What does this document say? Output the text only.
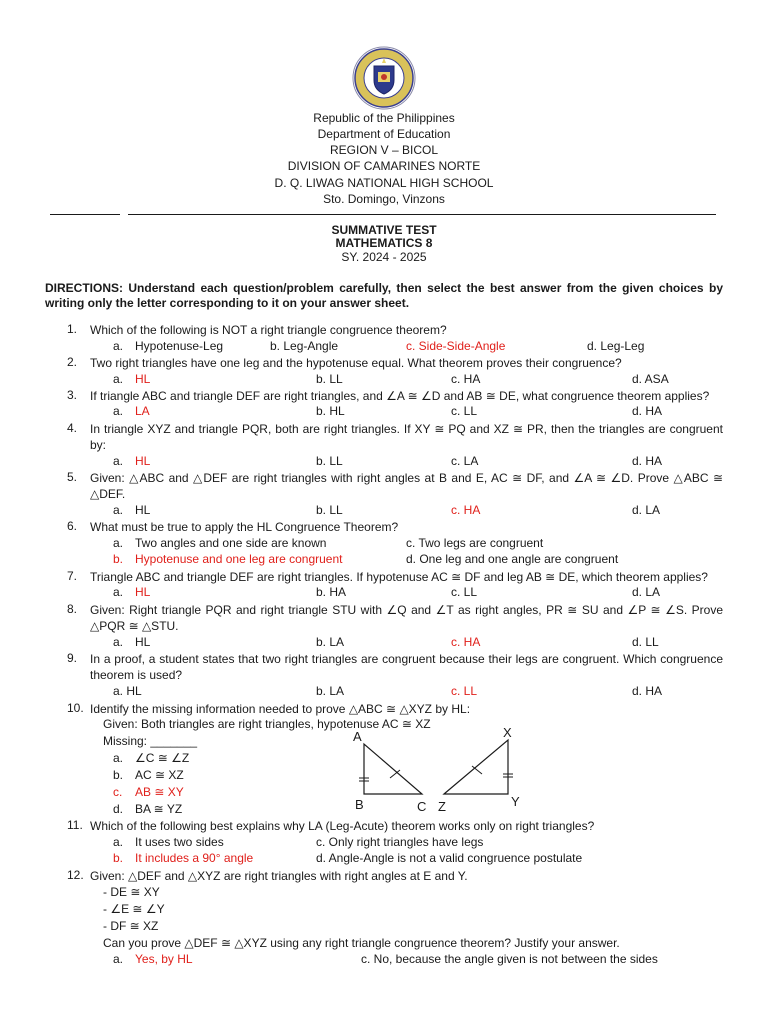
Republic of the Philippines
Department of Education
REGION V – BICOL
DIVISION OF CAMARINES NORTE
D. Q. LIWAG NATIONAL HIGH SCHOOL
Sto. Domingo, Vinzons
SUMMATIVE TEST
MATHEMATICS 8
SY. 2024 - 2025
DIRECTIONS: Understand each question/problem carefully, then select the best answer from the given choices by writing only the letter corresponding to it on your answer sheet.
1.	Which of the following is NOT a right triangle congruence theorem?
a. Hypotenuse-Leg	b. Leg-Angle	c. Side-Side-Angle	d. Leg-Leg
2.	Two right triangles have one leg and the hypotenuse equal. What theorem proves their congruence?
a. HL	b. LL	c. HA	d. ASA
3.	If triangle ABC and triangle DEF are right triangles, and ∠A ≅ ∠D and AB ≅ DE, what congruence theorem applies?
a. LA	b. HL	c. LL	d. HA
4.	In triangle XYZ and triangle PQR, both are right triangles. If XY ≅ PQ and XZ ≅ PR, then the triangles are congruent by:
a. HL	b. LL	c. LA	d. HA
5.	Given: △ABC and △DEF are right triangles with right angles at B and E, AC ≅ DF, and ∠A ≅ ∠D. Prove △ABC ≅ △DEF.
a. HL	b. LL	c. HA	d. LA
6.	What must be true to apply the HL Congruence Theorem?
a. Two angles and one side are known	c. Two legs are congruent
b. Hypotenuse and one leg are congruent	d. One leg and one angle are congruent
7.	Triangle ABC and triangle DEF are right triangles. If hypotenuse AC ≅ DF and leg AB ≅ DE, which theorem applies?
a. HL	b. HA	c. LL	d. LA
8.	Given: Right triangle PQR and right triangle STU with ∠Q and ∠T as right angles, PR ≅ SU and ∠P ≅ ∠S. Prove △PQR ≅ △STU.
a. HL	b. LA	c. HA	d. LL
9.	In a proof, a student states that two right triangles are congruent because their legs are congruent. Which congruence theorem is used?
a. HL	b. LA	c. LL	d. HA
10. Identify the missing information needed to prove △ABC ≅ △XYZ by HL:
Given: Both triangles are right triangles, hypotenuse AC ≅ XZ
Missing: _______
a. ∠C ≅ ∠Z
b. AC ≅ XZ
c. AB ≅ XY
d. BA ≅ YZ
A
B	C Z
X
Y
11. Which of the following best explains why LA (Leg-Acute) theorem works only on right triangles?
a. It uses two sides	c. Only right triangles have legs
b. It includes a 90° angle	d. Angle-Angle is not a valid congruence postulate
12. Given: △DEF and △XYZ are right triangles with right angles at E and Y.
- DE ≅ XY
- ∠E ≅ ∠Y
- DF ≅ XZ
Can you prove △DEF ≅ △XYZ using any right triangle congruence theorem? Justify your answer.
a. Yes, by HL	c. No, because the angle given is not between the sides
